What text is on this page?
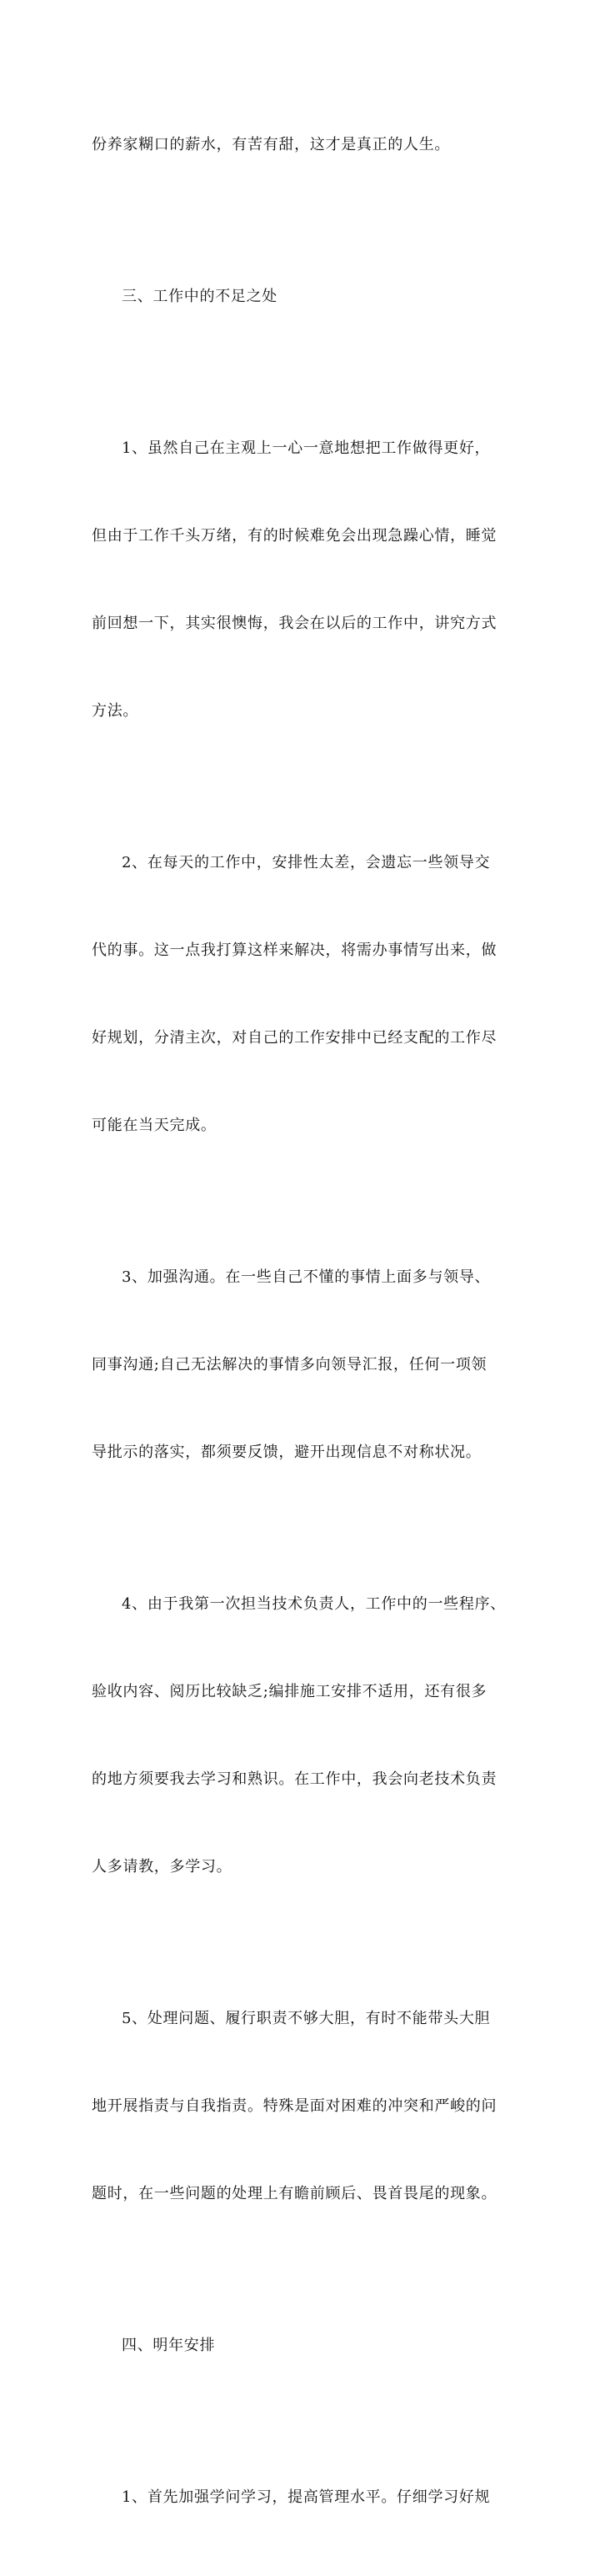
份养家糊口的薪水，有苦有甜，这才是真正的人生。

三、工作中的不足之处

1、虽然自己在主观上一心一意地想把工作做得更好，

但由于工作千头万绪，有的时候难免会出现急躁心情，睡觉

前回想一下，其实很懊悔，我会在以后的工作中，讲究方式

方法。

2、在每天的工作中，安排性太差，会遗忘一些领导交

代的事。这一点我打算这样来解决，将需办事情写出来，做

好规划，分清主次，对自己的工作安排中已经支配的工作尽

可能在当天完成。

3、加强沟通。在一些自己不懂的事情上面多与领导、

同事沟通;自己无法解决的事情多向领导汇报，任何一项领

导批示的落实，都须要反馈，避开出现信息不对称状况。

4、由于我第一次担当技术负责人，工作中的一些程序、

验收内容、阅历比较缺乏;编排施工安排不适用，还有很多

的地方须要我去学习和熟识。在工作中，我会向老技术负责

人多请教，多学习。

5、处理问题、履行职责不够大胆，有时不能带头大胆

地开展指责与自我指责。特殊是面对困难的冲突和严峻的问

题时，在一些问题的处理上有瞻前顾后、畏首畏尾的现象。

四、明年安排

1、首先加强学问学习，提高管理水平。仔细学习好规
